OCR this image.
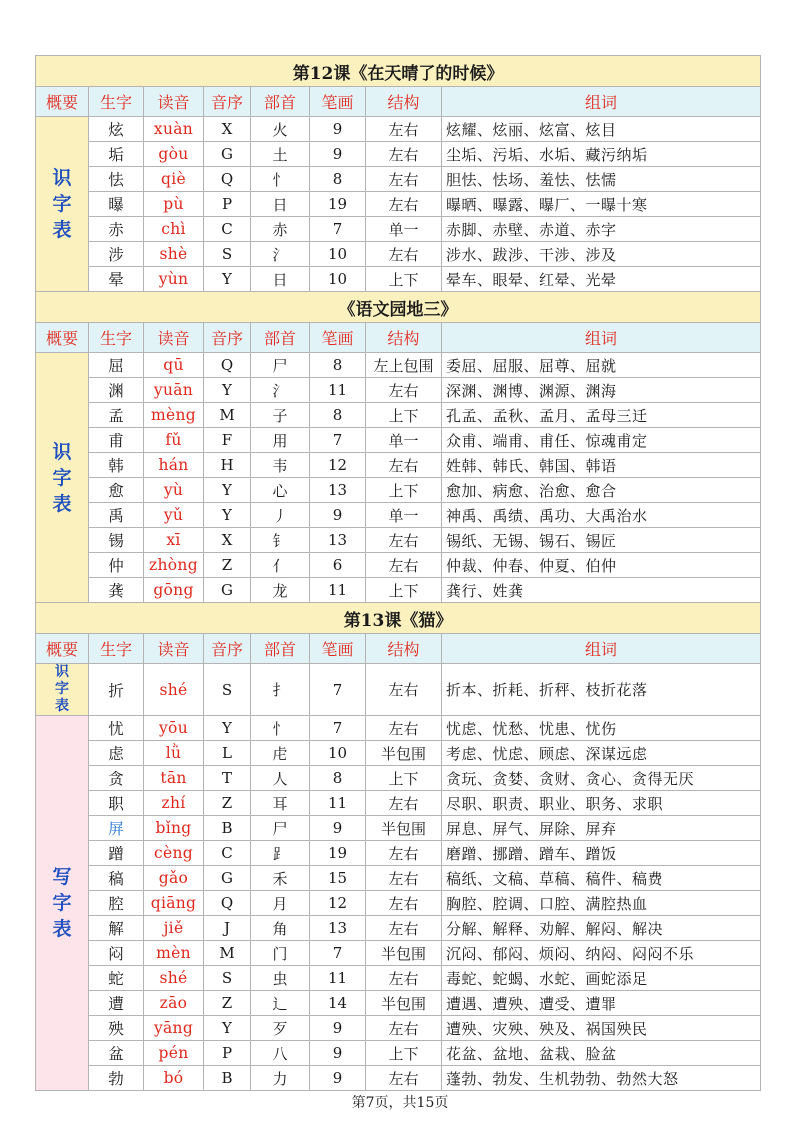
第12课《在天晴了的时候》							
概要	生字	读音	音序	部首	笔画	结构	组词
识
字
表	炫	xuàn	X	火	9	左右	炫耀、炫丽、炫富、炫目
	垢	gòu	G	土	9	左右	尘垢、污垢、水垢、藏污纳垢
	怯	qiè	Q	忄	8	左右	胆怯、怯场、羞怯、怯懦
	曝	pù	P	日	19	左右	曝晒、曝露、曝厂、一曝十寒
	赤	chì	C	赤	7	单一	赤脚、赤壁、赤道、赤字
	涉	shè	S	氵	10	左右	涉水、跋涉、干涉、涉及
	晕	yùn	Y	日	10	上下	晕车、眼晕、红晕、光晕
《语文园地三》							
概要	生字	读音	音序	部首	笔画	结构	组词
识
字
表	屈	qū	Q	尸	8	左上包围	委屈、屈服、屈尊、屈就
	渊	yuān	Y	氵	11	左右	深渊、渊博、渊源、渊海
	孟	mèng	M	子	8	上下	孔孟、孟秋、孟月、孟母三迁
	甫	fǔ	F	用	7	单一	众甫、端甫、甫任、惊魂甫定
	韩	hán	H	韦	12	左右	姓韩、韩氏、韩国、韩语
	愈	yù	Y	心	13	上下	愈加、病愈、治愈、愈合
	禹	yǔ	Y	丿	9	单一	神禹、禹绩、禹功、大禹治水
	锡	xī	X	钅	13	左右	锡纸、无锡、锡石、锡匠
	仲	zhòng	Z	亻	6	左右	仲裁、仲春、仲夏、伯仲
	龚	gōng	G	龙	11	上下	龚行、姓龚
第13课《猫》							
概要	生字	读音	音序	部首	笔画	结构	组词
识
字
表	折	shé	S	扌	7	左右	折本、折耗、折秤、枝折花落
写
字
表	忧	yōu	Y	忄	7	左右	忧虑、忧愁、忧患、忧伤
	虑	lǜ	L	虍	10	半包围	考虑、忧虑、顾虑、深谋远虑
	贪	tān	T	人	8	上下	贪玩、贪婪、贪财、贪心、贪得无厌
	职	zhí	Z	耳	11	左右	尽职、职责、职业、职务、求职
	屏	bǐng	B	尸	9	半包围	屏息、屏气、屏除、屏弃
	蹭	cèng	C	⻊	19	左右	磨蹭、挪蹭、蹭车、蹭饭
	稿	gǎo	G	禾	15	左右	稿纸、文稿、草稿、稿件、稿费
	腔	qiāng	Q	月	12	左右	胸腔、腔调、口腔、满腔热血
	解	jiě	J	角	13	左右	分解、解释、劝解、解闷、解决
	闷	mèn	M	门	7	半包围	沉闷、郁闷、烦闷、纳闷、闷闷不乐
	蛇	shé	S	虫	11	左右	毒蛇、蛇蝎、水蛇、画蛇添足
	遭	zāo	Z	辶	14	半包围	遭遇、遭殃、遭受、遭罪
	殃	yāng	Y	歹	9	左右	遭殃、灾殃、殃及、祸国殃民
	盆	pén	P	八	9	上下	花盆、盆地、盆栽、脸盆
	勃	bó	B	力	9	左右	蓬勃、勃发、生机勃勃、勃然大怒
第7页，共15页
